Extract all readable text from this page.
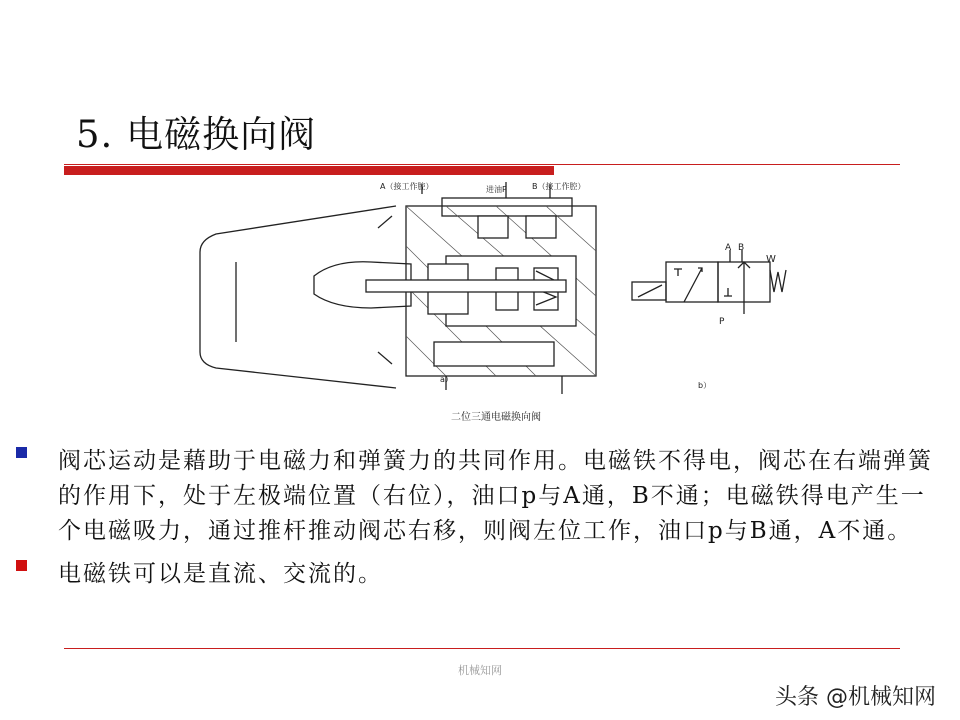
5. 电磁换向阀
A（接工作腔）	进油P	B（接工作腔）
a）
A B
P
W
b）
二位三通电磁换向阀
阀芯运动是藉助于电磁力和弹簧力的共同作用。电磁铁不得电，阀芯在右端弹簧的作用下，处于左极端位置（右位），油口p与A通，B不通；电磁铁得电产生一个电磁吸力，通过推杆推动阀芯右移，则阀左位工作，油口p与B通，A不通。
电磁铁可以是直流、交流的。
机械知网
头条 @机械知网
